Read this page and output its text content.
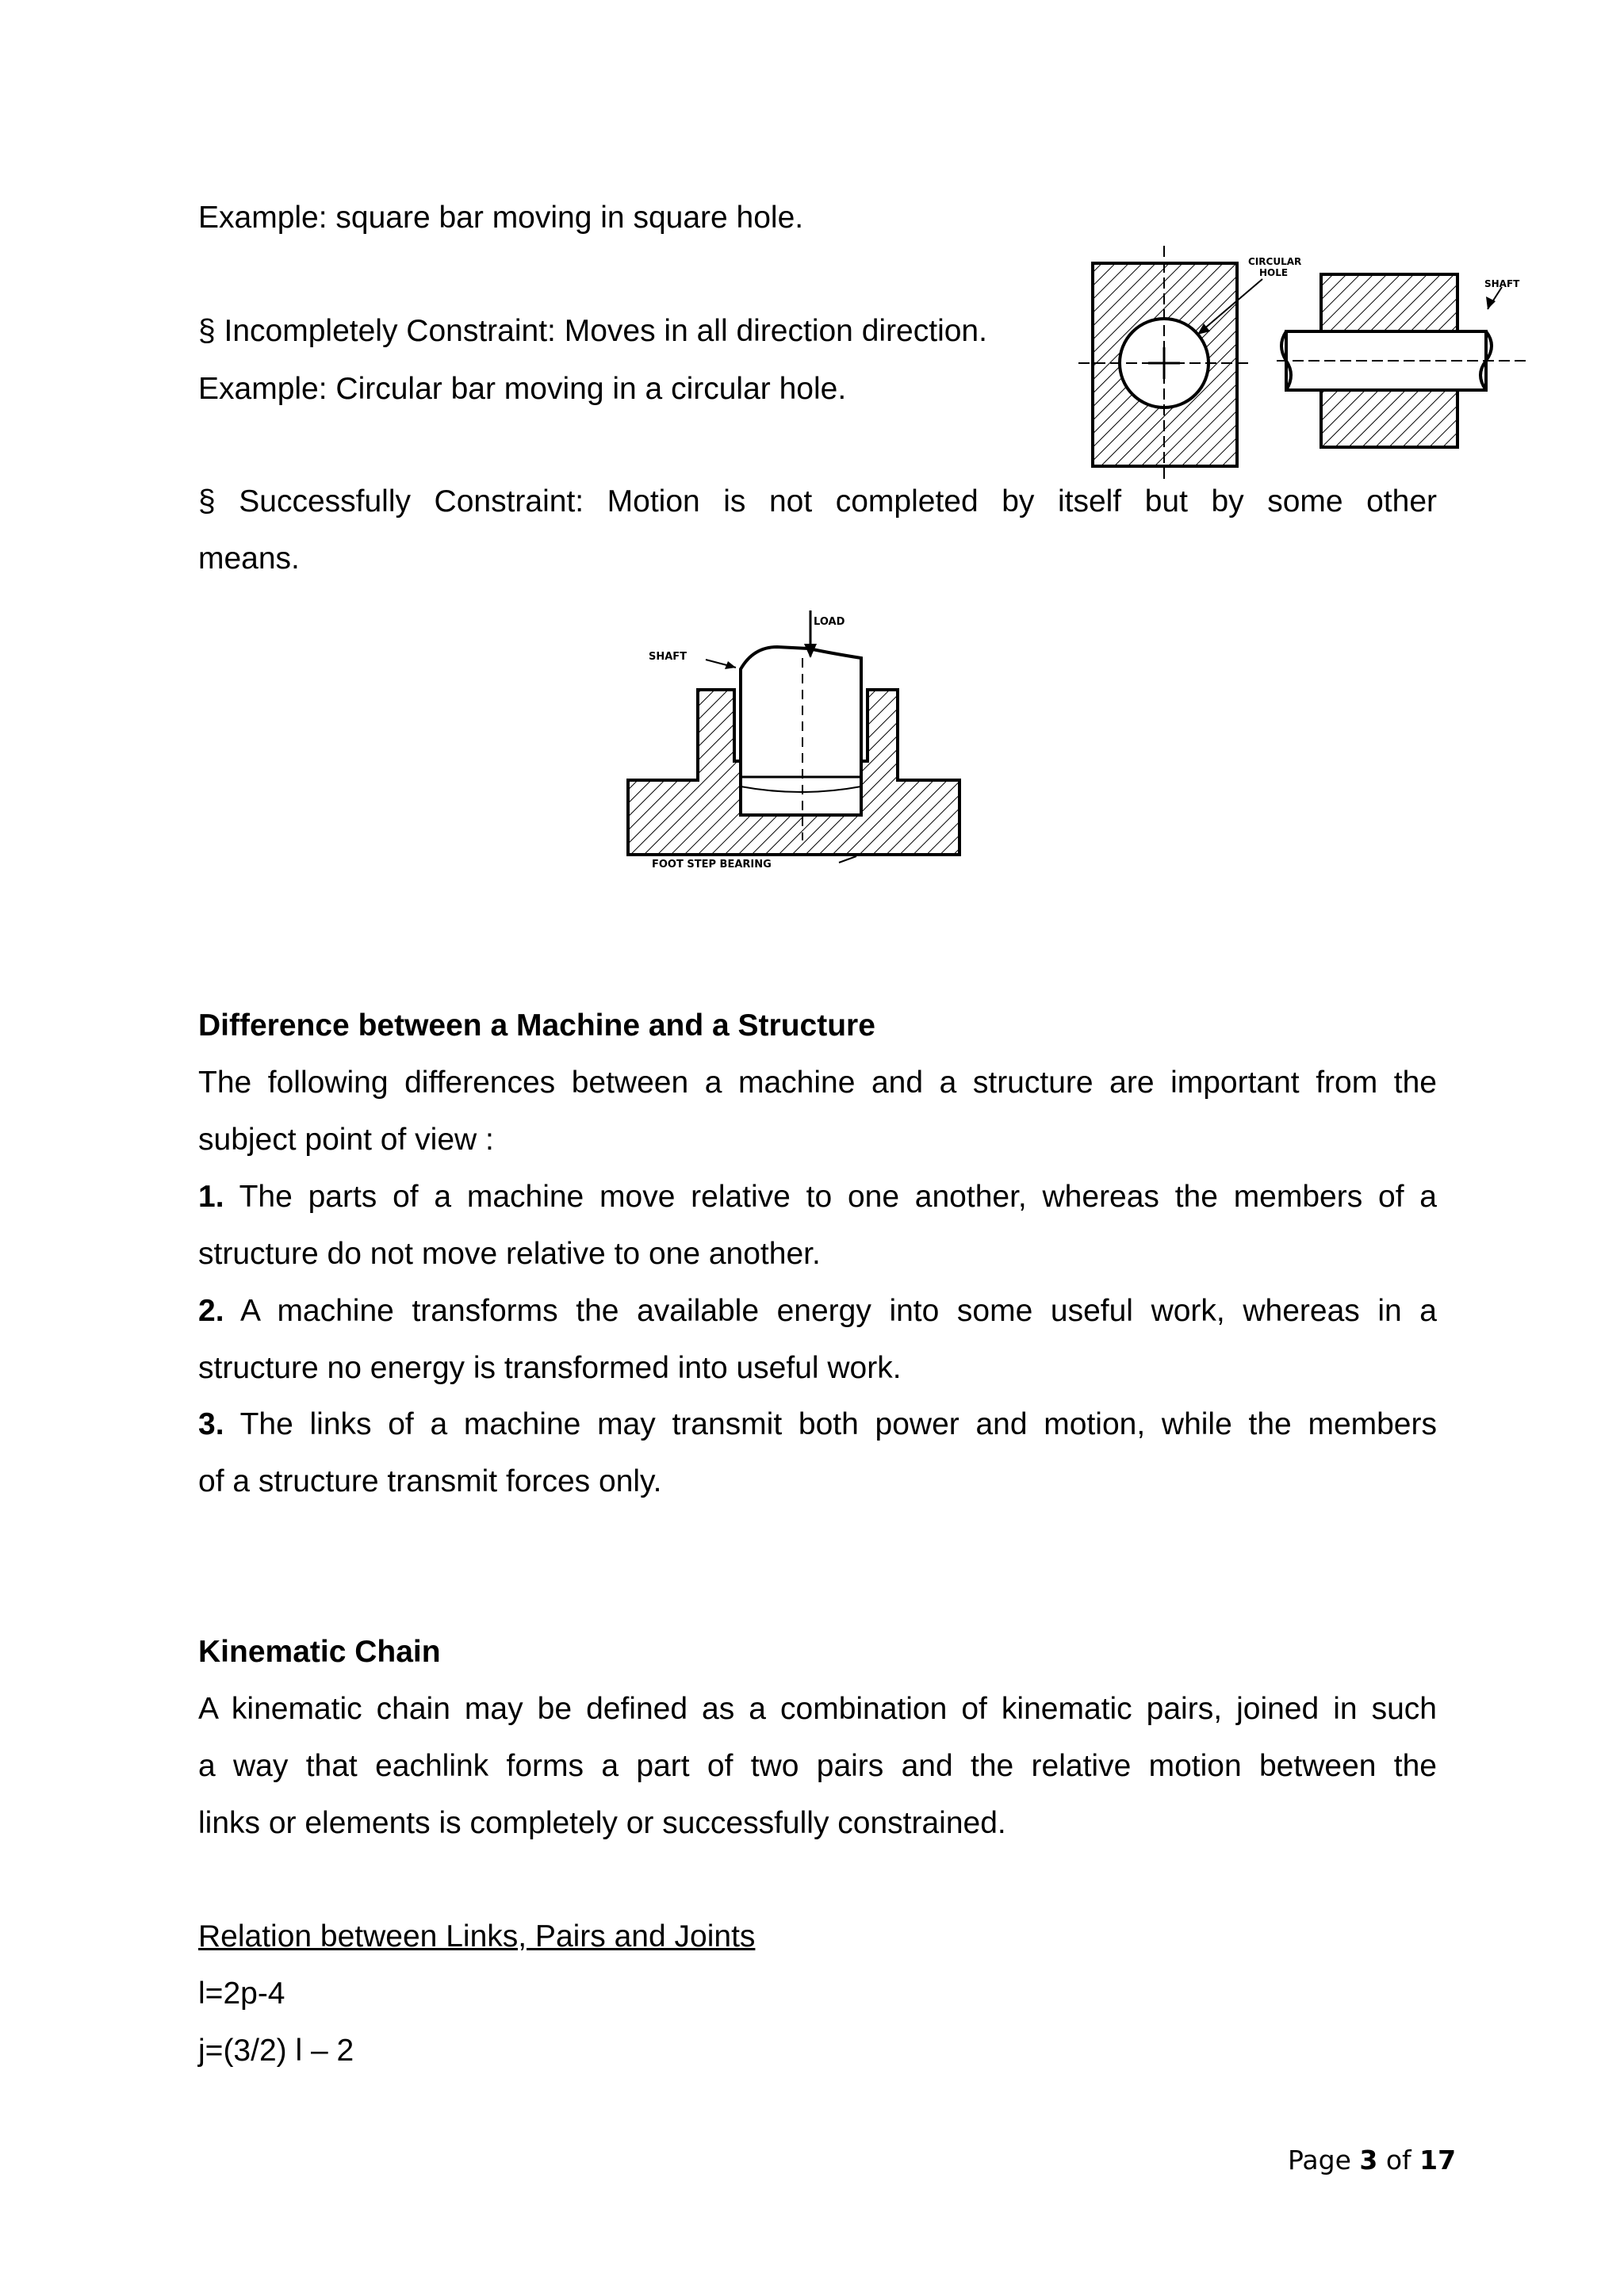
Example: square bar moving in square hole.
§ Incompletely Constraint: Moves in all direction direction.
Example: Circular bar moving in a circular hole.
CIRCULAR
HOLE
SHAFT
§ Successfully Constraint: Motion is not completed by itself but by some other
means.
LOAD
SHAFT
FOOT STEP BEARING
Difference between a Machine and a Structure
The following differences between a machine and a structure are important from the
subject point of view :
1. The parts of a machine move relative to one another, whereas the members of a
structure do not move relative to one another.
2. A machine transforms the available energy into some useful work, whereas in a
structure no energy is transformed into useful work.
3. The links of a machine may transmit both power and motion, while the members
of a structure transmit forces only.
Kinematic Chain
A kinematic chain may be defined as a combination of kinematic pairs, joined in such
a way that eachlink forms a part of two pairs and the relative motion between the
links or elements is completely or successfully constrained.
Relation between Links, Pairs and Joints
l=2p-4
j=(3/2) l – 2
Page 3 of 17
